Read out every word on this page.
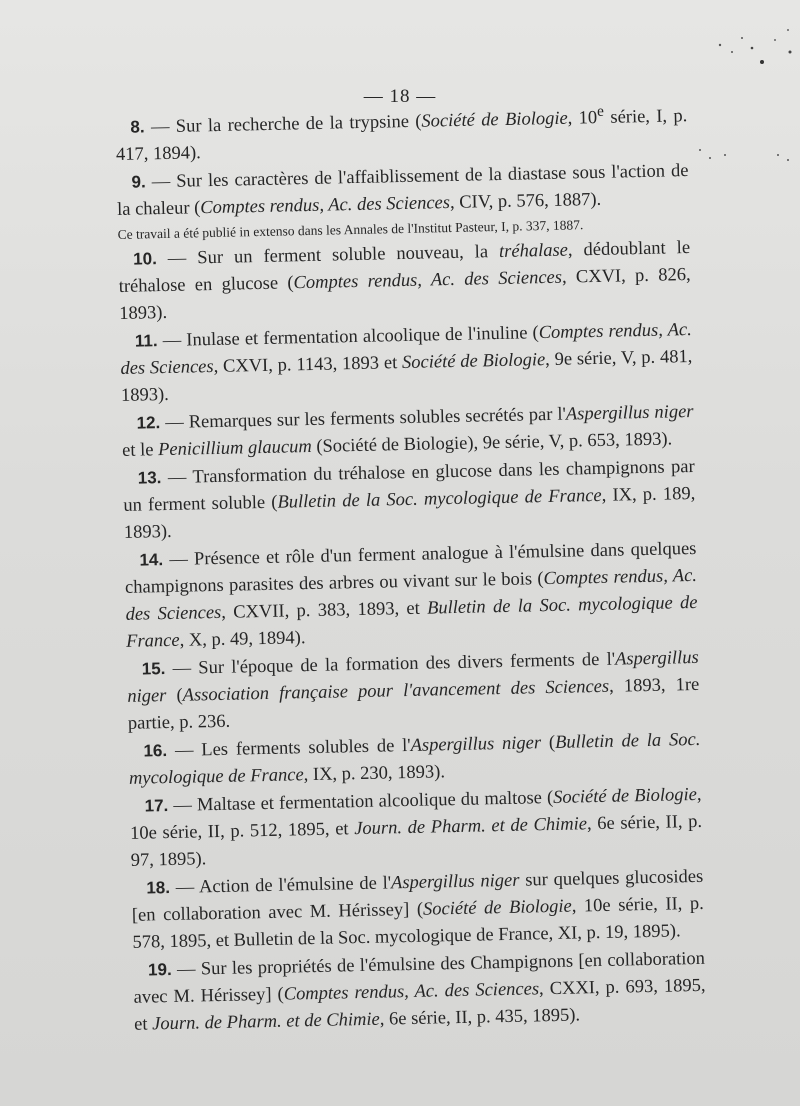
— 18 —

8. — Sur la recherche de la trypsine (Société de Biologie, 10e série, I, p. 417, 1894).

9. — Sur les caractères de l'affaiblissement de la diastase sous l'action de la chaleur (Comptes rendus, Ac. des Sciences, CIV, p. 576, 1887).

Ce travail a été publié in extenso dans les Annales de l'Institut Pasteur, I, p. 337, 1887.

10. — Sur un ferment soluble nouveau, la tréhalase, dédoublant le tréhalose en glucose (Comptes rendus, Ac. des Sciences, CXVI, p. 826, 1893).

11. — Inulase et fermentation alcoolique de l'inuline (Comptes rendus, Ac. des Sciences, CXVI, p. 1143, 1893 et Société de Biologie, 9e série, V, p. 481, 1893).

12. — Remarques sur les ferments solubles secrétés par l'Aspergillus niger et le Penicillium glaucum (Société de Biologie), 9e série, V, p. 653, 1893).

13. — Transformation du tréhalose en glucose dans les champignons par un ferment soluble (Bulletin de la Soc. mycologique de France, IX, p. 189, 1893).

14. — Présence et rôle d'un ferment analogue à l'émulsine dans quelques champignons parasites des arbres ou vivant sur le bois (Comptes rendus, Ac. des Sciences, CXVII, p. 383, 1893, et Bulletin de la Soc. mycologique de France, X, p. 49, 1894).

15. — Sur l'époque de la formation des divers ferments de l'Aspergillus niger (Association française pour l'avancement des Sciences, 1893, 1re partie, p. 236.

16. — Les ferments solubles de l'Aspergillus niger (Bulletin de la Soc. mycologique de France, IX, p. 230, 1893).

17. — Maltase et fermentation alcoolique du maltose (Société de Biologie, 10e série, II, p. 512, 1895, et Journ. de Pharm. et de Chimie, 6e série, II, p. 97, 1895).

18. — Action de l'émulsine de l'Aspergillus niger sur quelques glucosides [en collaboration avec M. Hérissey] (Société de Biologie, 10e série, II, p. 578, 1895, et Bulletin de la Soc. mycologique de France, XI, p. 19, 1895).

19. — Sur les propriétés de l'émulsine des Champignons [en collaboration avec M. Hérissey] (Comptes rendus, Ac. des Sciences, CXXI, p. 693, 1895, et Journ. de Pharm. et de Chimie, 6e série, II, p. 435, 1895).
